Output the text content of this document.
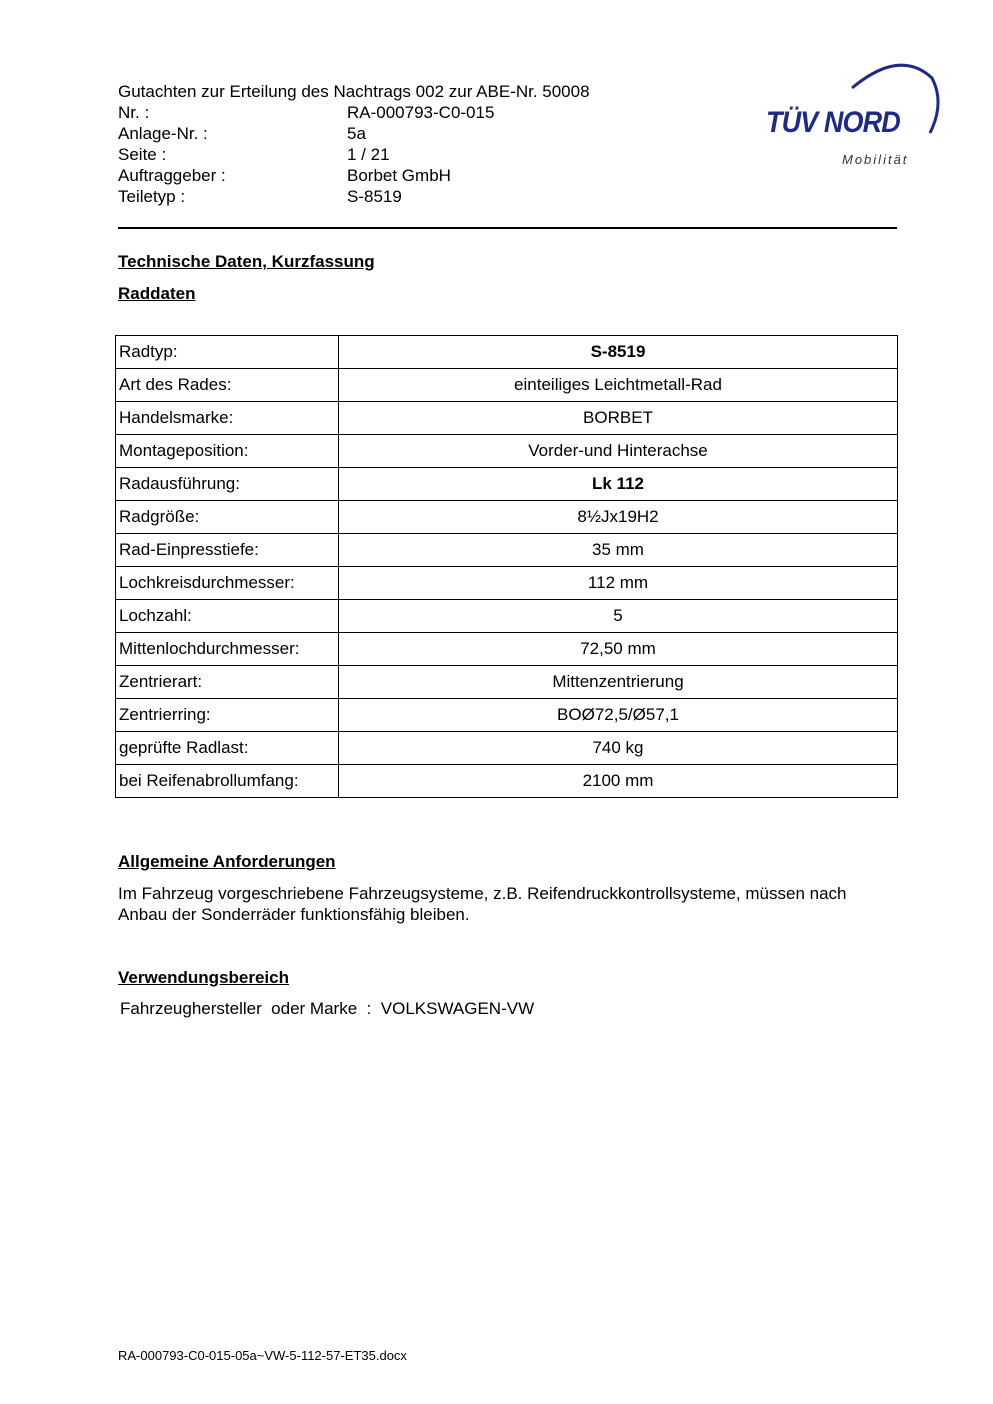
Gutachten zur Erteilung des Nachtrags 002 zur ABE-Nr. 50008
Nr. :	RA-000793-C0-015
Anlage-Nr. :	5a
Seite :	1 / 21
Auftraggeber :	Borbet GmbH
Teiletyp :	S-8519
TÜV NORD
Mobilität
Technische Daten, Kurzfassung
Raddaten
Radtyp:	S-8519
Art des Rades:	einteiliges Leichtmetall-Rad
Handelsmarke:	BORBET
Montageposition:	Vorder-und Hinterachse
Radausführung:	Lk 112
Radgröße:	8½Jx19H2
Rad-Einpresstiefe:	35 mm
Lochkreisdurchmesser:	112 mm
Lochzahl:	5
Mittenlochdurchmesser:	72,50 mm
Zentrierart:	Mittenzentrierung
Zentrierring:	BOØ72,5/Ø57,1
geprüfte Radlast:	740 kg
bei Reifenabrollumfang:	2100 mm
Allgemeine Anforderungen
Im Fahrzeug vorgeschriebene Fahrzeugsysteme, z.B. Reifendruckkontrollsysteme, müssen nach Anbau der Sonderräder funktionsfähig bleiben.
Verwendungsbereich
Fahrzeughersteller  oder Marke  :  VOLKSWAGEN-VW
RA-000793-C0-015-05a~VW-5-112-57-ET35.docx
